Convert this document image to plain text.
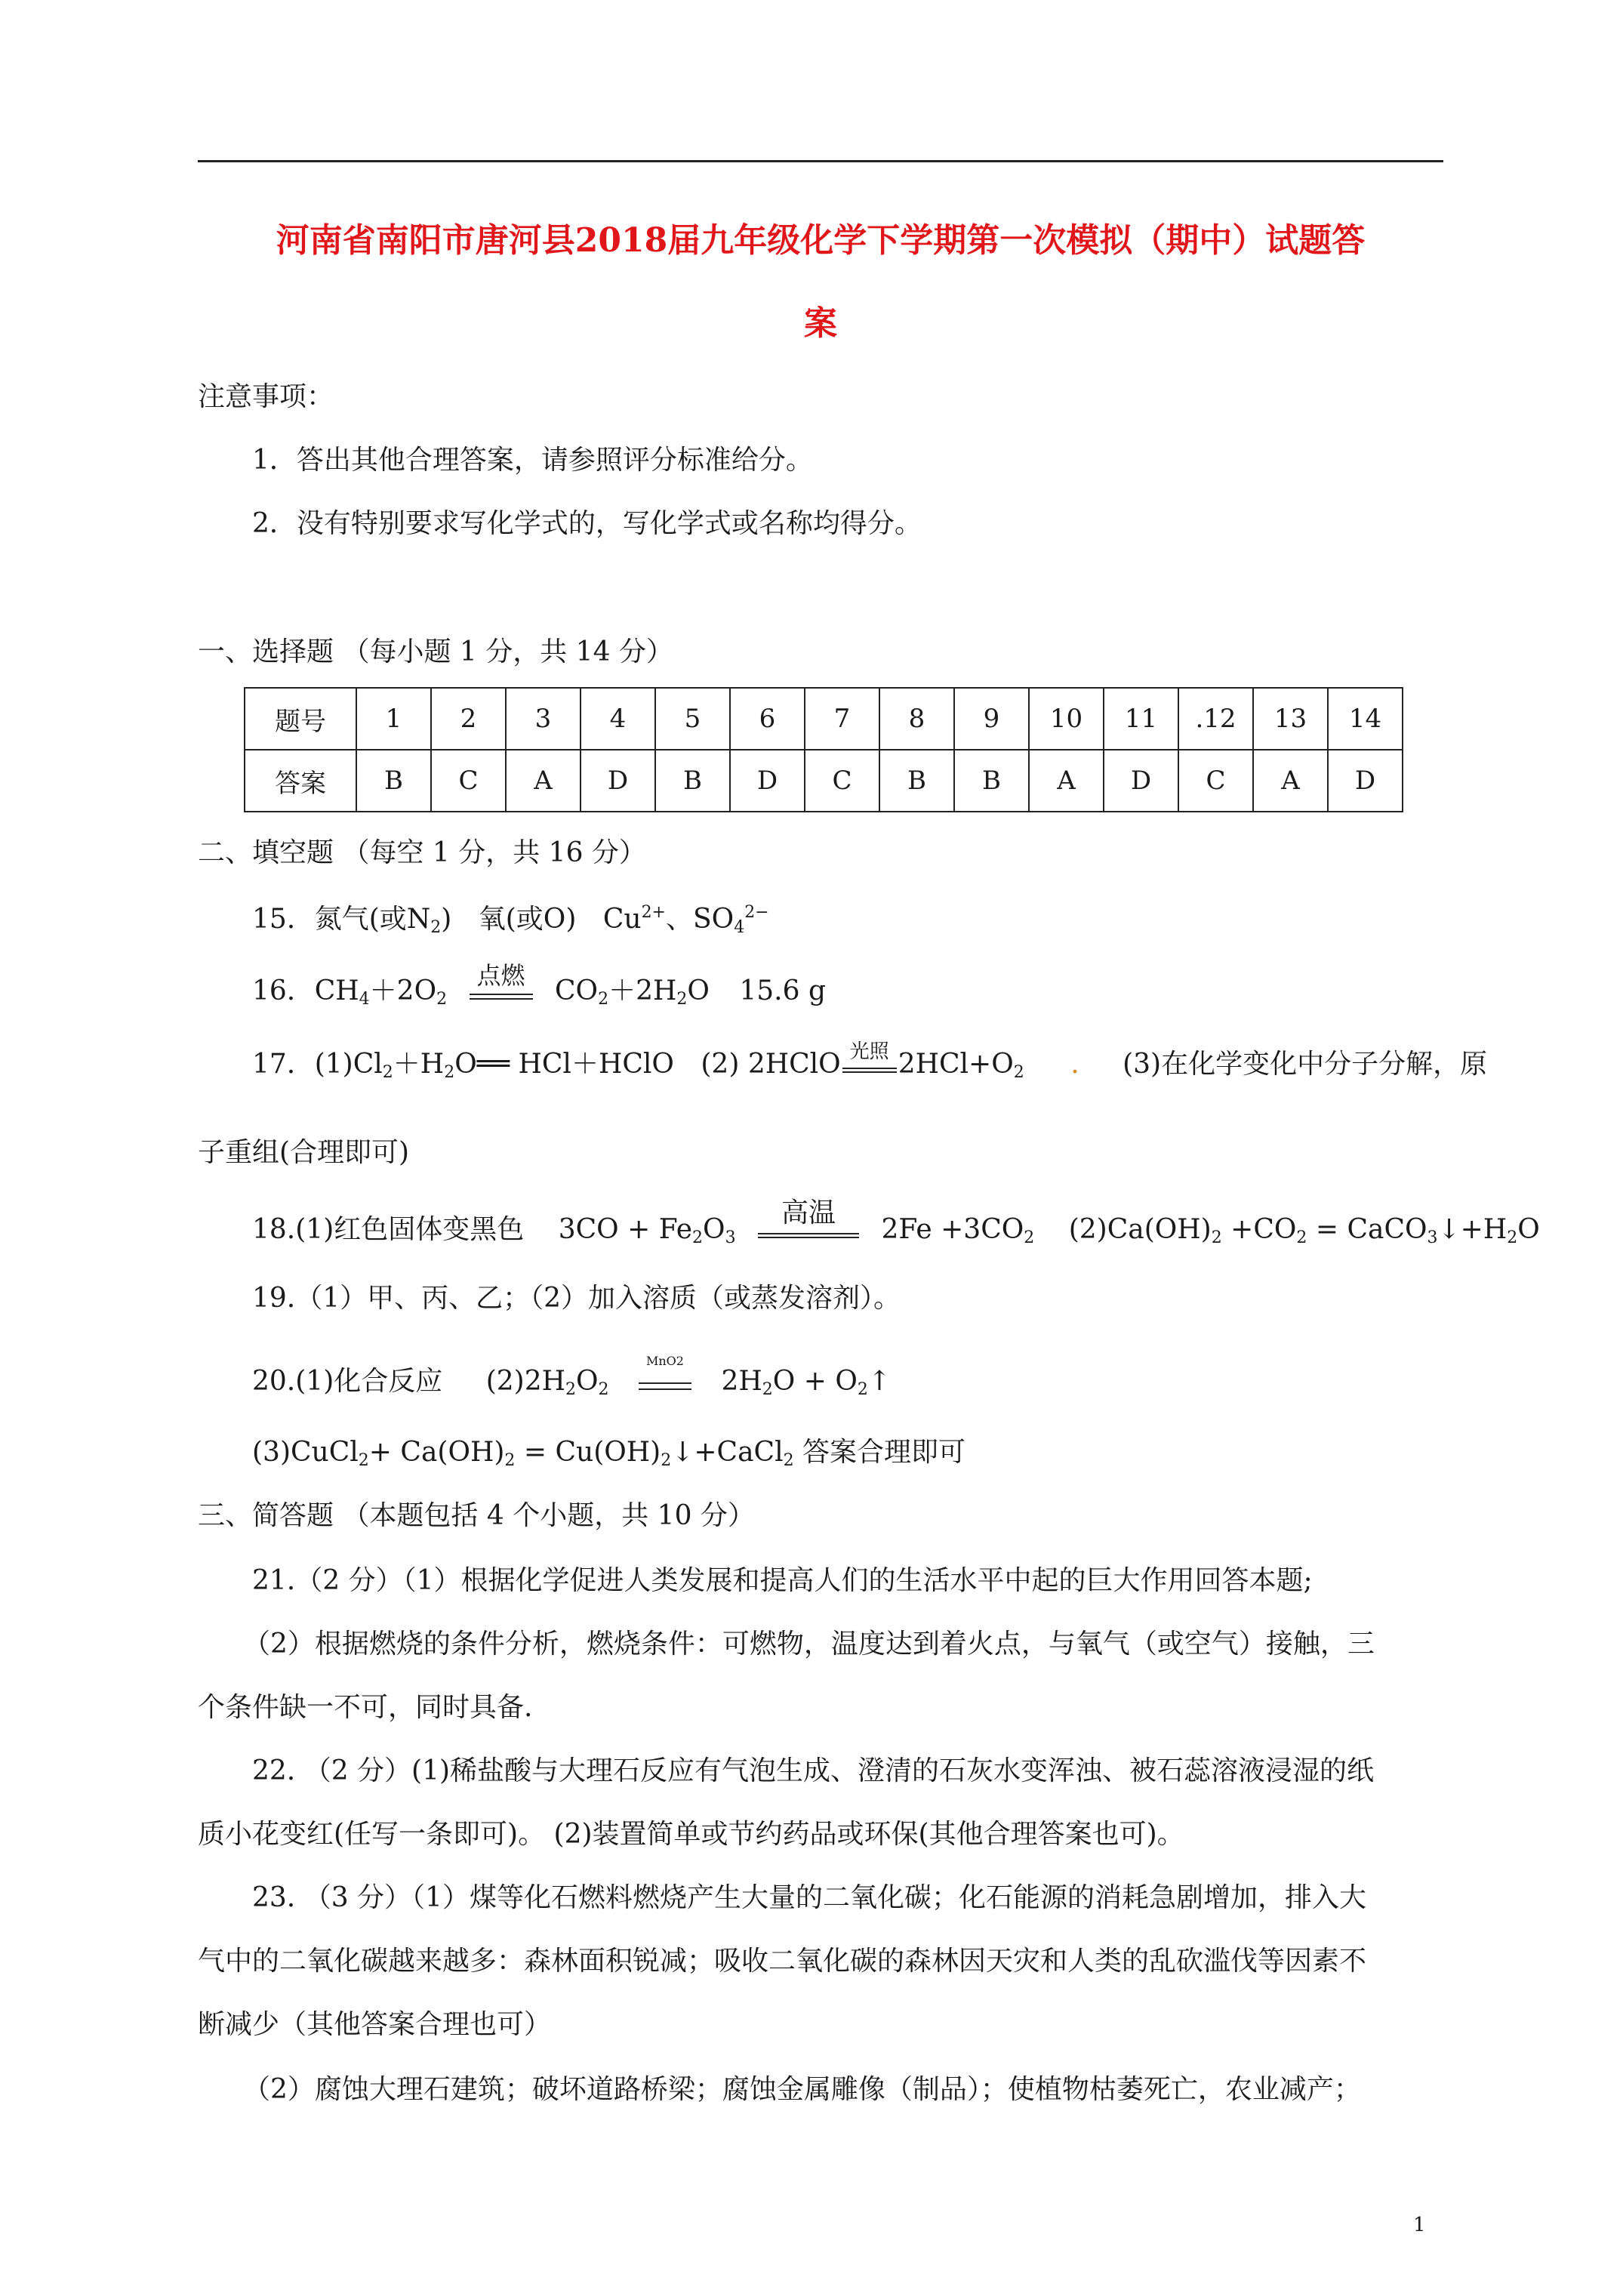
河南省南阳市唐河县2018届九年级化学下学期第一次模拟（期中）试题答
案
注意事项：
1．答出其他合理答案，请参照评分标准给分。
2．没有特别要求写化学式的，写化学式或名称均得分。
一、选择题 （每小题 1 分，共 14 分）
题号	1	2	3	4	5	6	7	8	9	10	11	.12	13	14
答案	B	C	A	D	B	D	C	B	B	A	D	C	A	D
二、填空题 （每空 1 分，共 16 分）
15. 氮气(或$N_2$) 氧(或O) $Cu^{2+}$、$SO_4^{2-}$
16. $CH_4+2O_2$
点燃 $CO_2+2H_2O$ 15.6 g
17. $(1)Cl_2+H_2O══$ HCl＋HClO (2) 2HClO 光照 $2HCl+O_2$ . (3)在化学变化中分子分解，原
子重组(合理即可)
18.(1)红色固体变黑色 $3CO + Fe_2O_3$
高温
$2Fe +3CO_2$ $(2)Ca(OH)_2 +CO_2$ = $CaCO_3↓+H_2O$
19.（1）甲、丙、乙；（2）加入溶质（或蒸发溶剂）。
20.(1)化合反应 $(2)2H_2O_2$
MnO2
$2H_2O$ + $O_2↑$
(3)CuCl$_2$+ $Ca(OH)_2$ = $Cu(OH)_2↓+CaCl_2$ 答案合理即可
三、简答题 （本题包括 4 个小题，共 10 分）
21.（2 分）（1）根据化学促进人类发展和提高人们的生活水平中起的巨大作用回答本题;
（2）根据燃烧的条件分析，燃烧条件：可燃物，温度达到着火点，与氧气（或空气）接触，三
个条件缺一不可，同时具备.
22. （2 分）(1)稀盐酸与大理石反应有气泡生成、澄清的石灰水变浑浊、被石蕊溶液浸湿的纸
质小花变红(任写一条即可)。 (2)装置简单或节约药品或环保(其他合理答案也可)。
23. （3 分）（1）煤等化石燃料燃烧产生大量的二氧化碳；化石能源的消耗急剧增加，排入大
气中的二氧化碳越来越多：森林面积锐减；吸收二氧化碳的森林因天灾和人类的乱砍滥伐等因素不
断减少（其他答案合理也可）
（2）腐蚀大理石建筑；破坏道路桥梁；腐蚀金属雕像（制品）；使植物枯萎死亡，农业减产；
1
